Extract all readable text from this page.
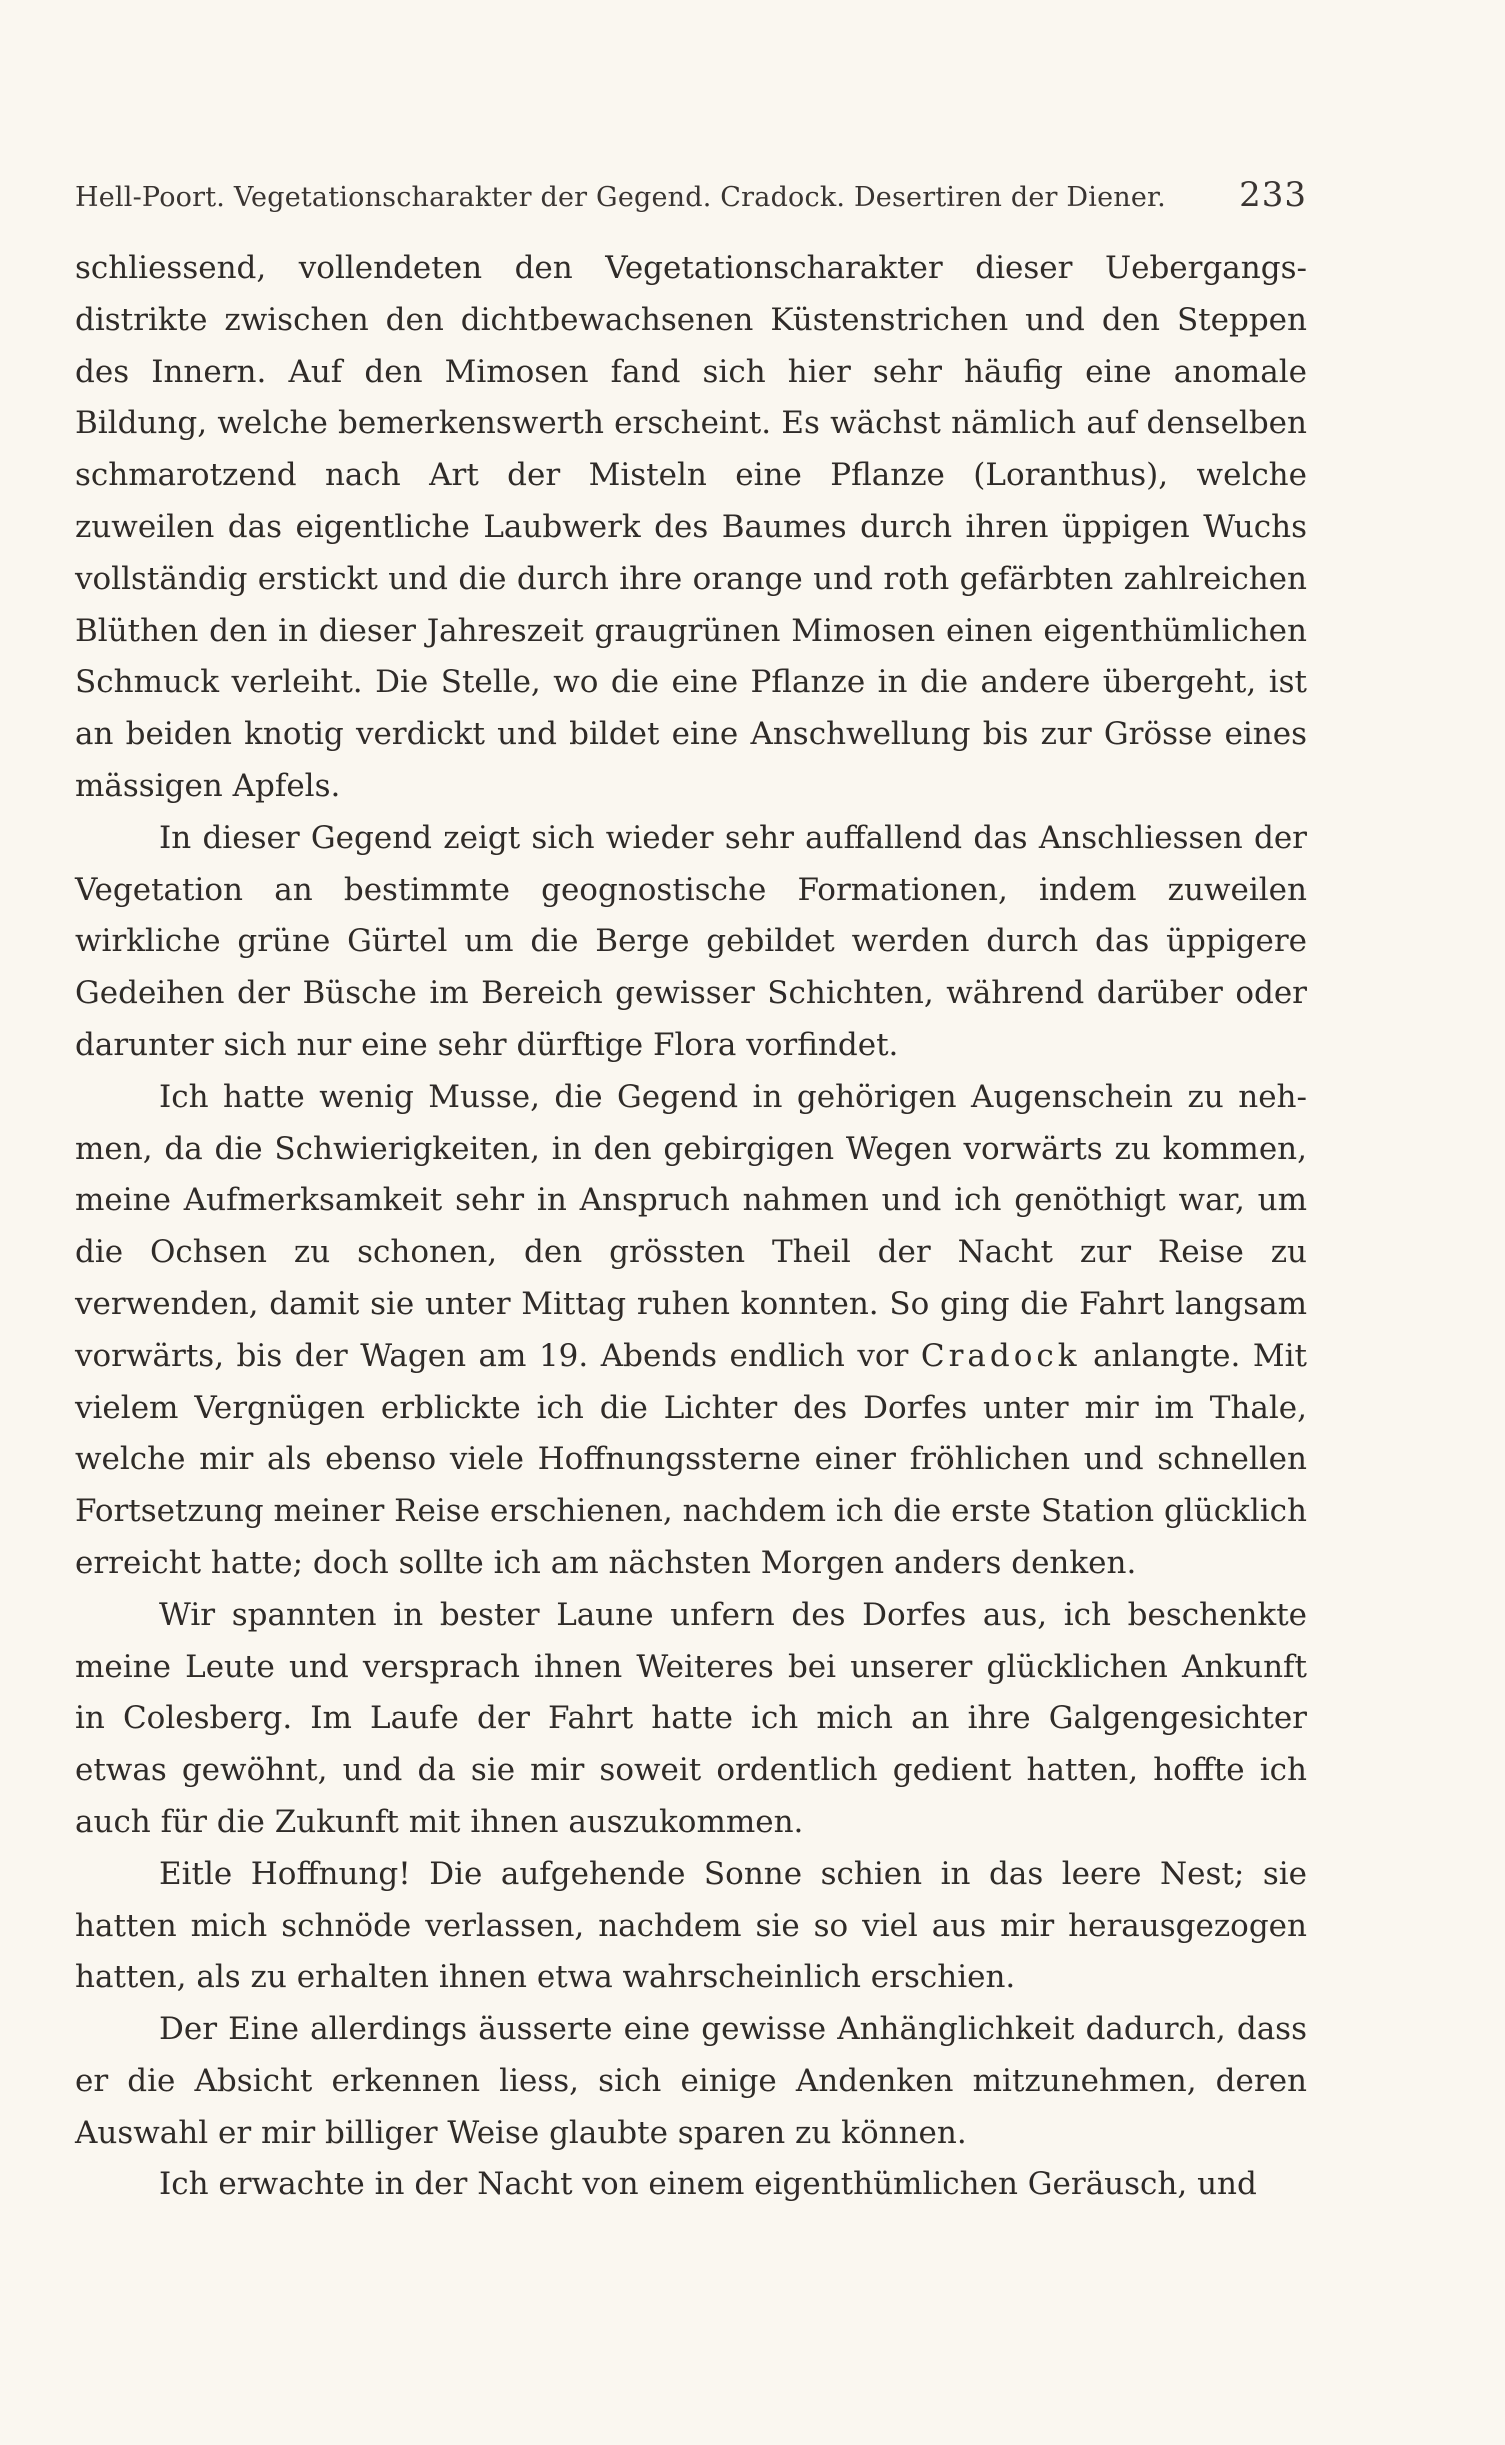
Hell-Poort. Vegetationscharakter der Gegend. Cradock. Desertiren der Diener. 233

schliessend, vollendeten den Vegetationscharakter dieser Uebergangsdistrikte zwischen den dichtbewachsenen Küstenstrichen und den Steppen des Innern. Auf den Mimosen fand sich hier sehr häufig eine anomale Bildung, welche bemerkenswerth erscheint. Es wächst nämlich auf denselben schmarotzend nach Art der Misteln eine Pflanze (Loranthus), welche zuweilen das eigentliche Laubwerk des Baumes durch ihren üppigen Wuchs vollständig erstickt und die durch ihre orange und roth gefärbten zahlreichen Blüthen den in dieser Jahreszeit graugrünen Mimosen einen eigenthümlichen Schmuck verleiht. Die Stelle, wo die eine Pflanze in die andere übergeht, ist an beiden knotig verdickt und bildet eine Anschwellung bis zur Grösse eines mässigen Apfels.

In dieser Gegend zeigt sich wieder sehr auffallend das Anschliessen der Vegetation an bestimmte geognostische Formationen, indem zuweilen wirkliche grüne Gürtel um die Berge gebildet werden durch das üppigere Gedeihen der Büsche im Bereich gewisser Schichten, während darüber oder darunter sich nur eine sehr dürftige Flora vorfindet.

Ich hatte wenig Musse, die Gegend in gehörigen Augenschein zu nehmen, da die Schwierigkeiten, in den gebirgigen Wegen vorwärts zu kommen, meine Aufmerksamkeit sehr in Anspruch nahmen und ich genöthigt war, um die Ochsen zu schonen, den grössten Theil der Nacht zur Reise zu verwenden, damit sie unter Mittag ruhen konnten. So ging die Fahrt langsam vorwärts, bis der Wagen am 19. Abends endlich vor Cradock anlangte. Mit vielem Vergnügen erblickte ich die Lichter des Dorfes unter mir im Thale, welche mir als ebenso viele Hoffnungssterne einer fröhlichen und schnellen Fortsetzung meiner Reise erschienen, nachdem ich die erste Station glücklich erreicht hatte; doch sollte ich am nächsten Morgen anders denken.

Wir spannten in bester Laune unfern des Dorfes aus, ich beschenkte meine Leute und versprach ihnen Weiteres bei unserer glücklichen Ankunft in Colesberg. Im Laufe der Fahrt hatte ich mich an ihre Galgengesichter etwas gewöhnt, und da sie mir soweit ordentlich gedient hatten, hoffte ich auch für die Zukunft mit ihnen auszukommen.

Eitle Hoffnung! Die aufgehende Sonne schien in das leere Nest; sie hatten mich schnöde verlassen, nachdem sie so viel aus mir herausgezogen hatten, als zu erhalten ihnen etwa wahrscheinlich erschien.

Der Eine allerdings äusserte eine gewisse Anhänglichkeit dadurch, dass er die Absicht erkennen liess, sich einige Andenken mitzunehmen, deren Auswahl er mir billiger Weise glaubte sparen zu können.

Ich erwachte in der Nacht von einem eigenthümlichen Geräusch, und
